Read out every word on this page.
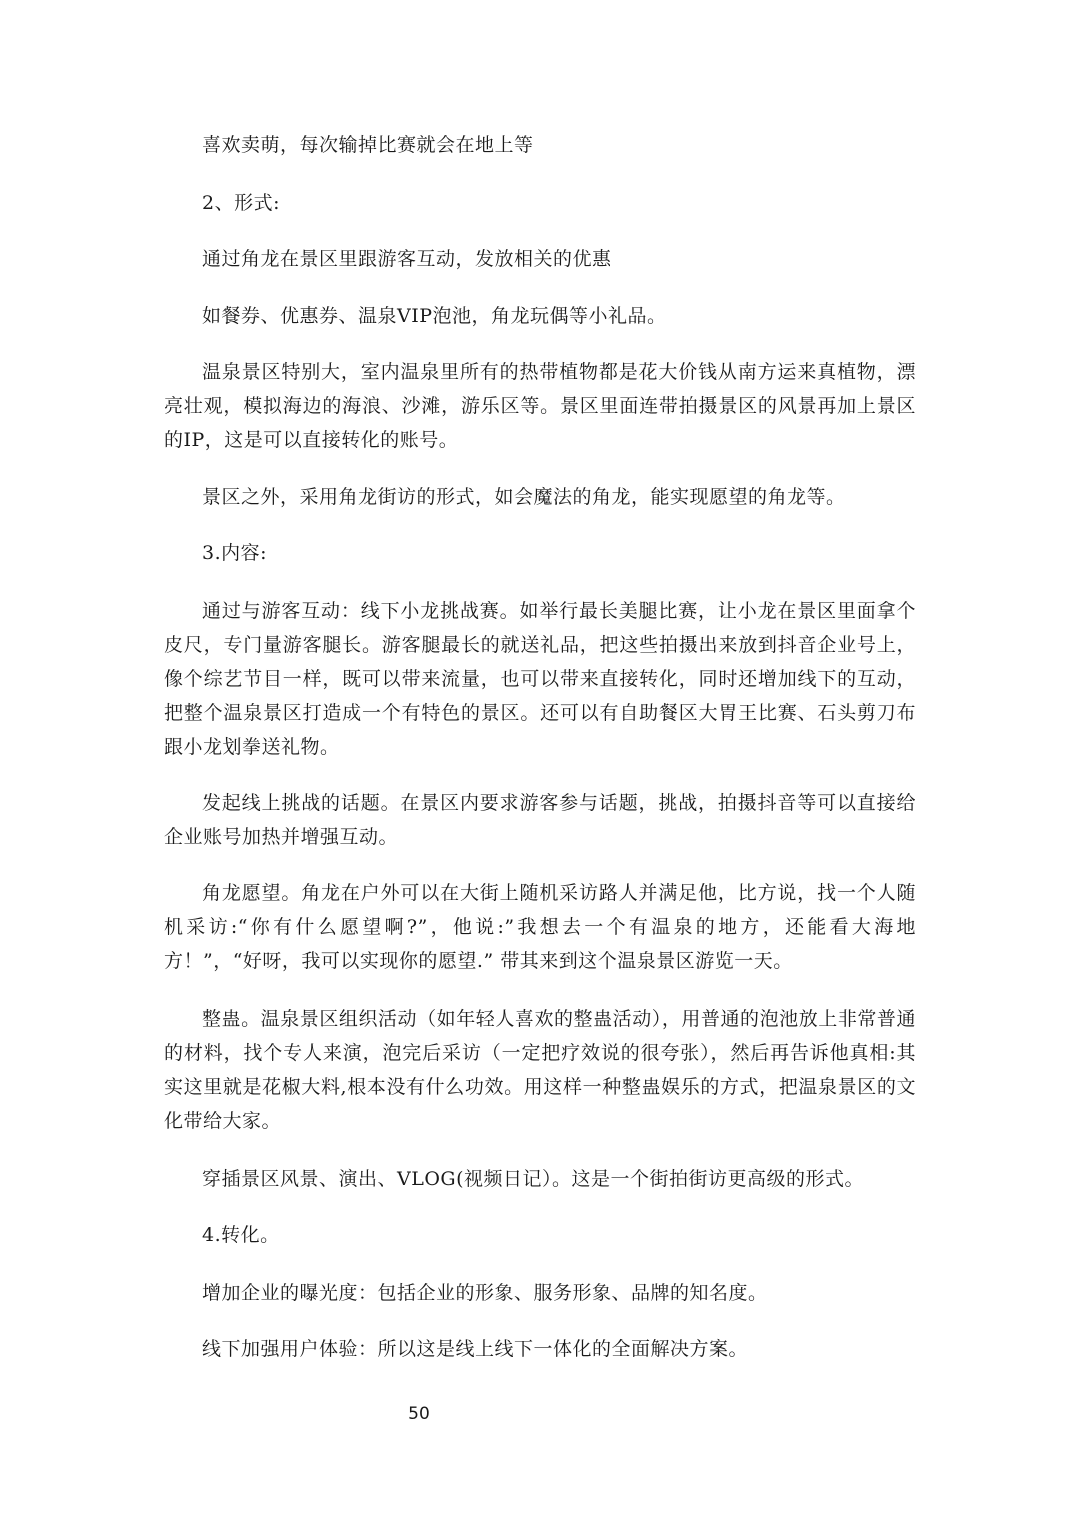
喜欢卖萌，每次输掉比赛就会在地上等

2、形式:

通过角龙在景区里跟游客互动，发放相关的优惠

如餐券、优惠券、温泉VIP泡池，角龙玩偶等小礼品。

温泉景区特别大，室内温泉里所有的热带植物都是花大价钱从南方运来真植物，漂亮壮观，模拟海边的海浪、沙滩，游乐区等。景区里面连带拍摄景区的风景再加上景区的IP，这是可以直接转化的账号。

景区之外，采用角龙街访的形式，如会魔法的角龙，能实现愿望的角龙等。

3.内容:

通过与游客互动：线下小龙挑战赛。如举行最长美腿比赛，让小龙在景区里面拿个皮尺，专门量游客腿长。游客腿最长的就送礼品，把这些拍摄出来放到抖音企业号上，像个综艺节目一样，既可以带来流量，也可以带来直接转化，同时还增加线下的互动，把整个温泉景区打造成一个有特色的景区。还可以有自助餐区大胃王比赛、石头剪刀布跟小龙划拳送礼物。

发起线上挑战的话题。在景区内要求游客参与话题，挑战，拍摄抖音等可以直接给企业账号加热并增强互动。

角龙愿望。角龙在户外可以在大街上随机采访路人并满足他，比方说，找一个人随机采访:“你有什么愿望啊?”，他说:”我想去一个有温泉的地方，还能看大海地方！”，“好呀，我可以实现你的愿望.” 带其来到这个温泉景区游览一天。

整蛊。温泉景区组织活动（如年轻人喜欢的整蛊活动），用普通的泡池放上非常普通的材料，找个专人来演，泡完后采访（一定把疗效说的很夸张），然后再告诉他真相:其实这里就是花椒大料,根本没有什么功效。用这样一种整蛊娱乐的方式，把温泉景区的文化带给大家。

穿插景区风景、演出、VLOG(视频日记）。这是一个街拍街访更高级的形式。

4.转化。

增加企业的曝光度：包括企业的形象、服务形象、品牌的知名度。

线下加强用户体验：所以这是线上线下一体化的全面解决方案。

50
